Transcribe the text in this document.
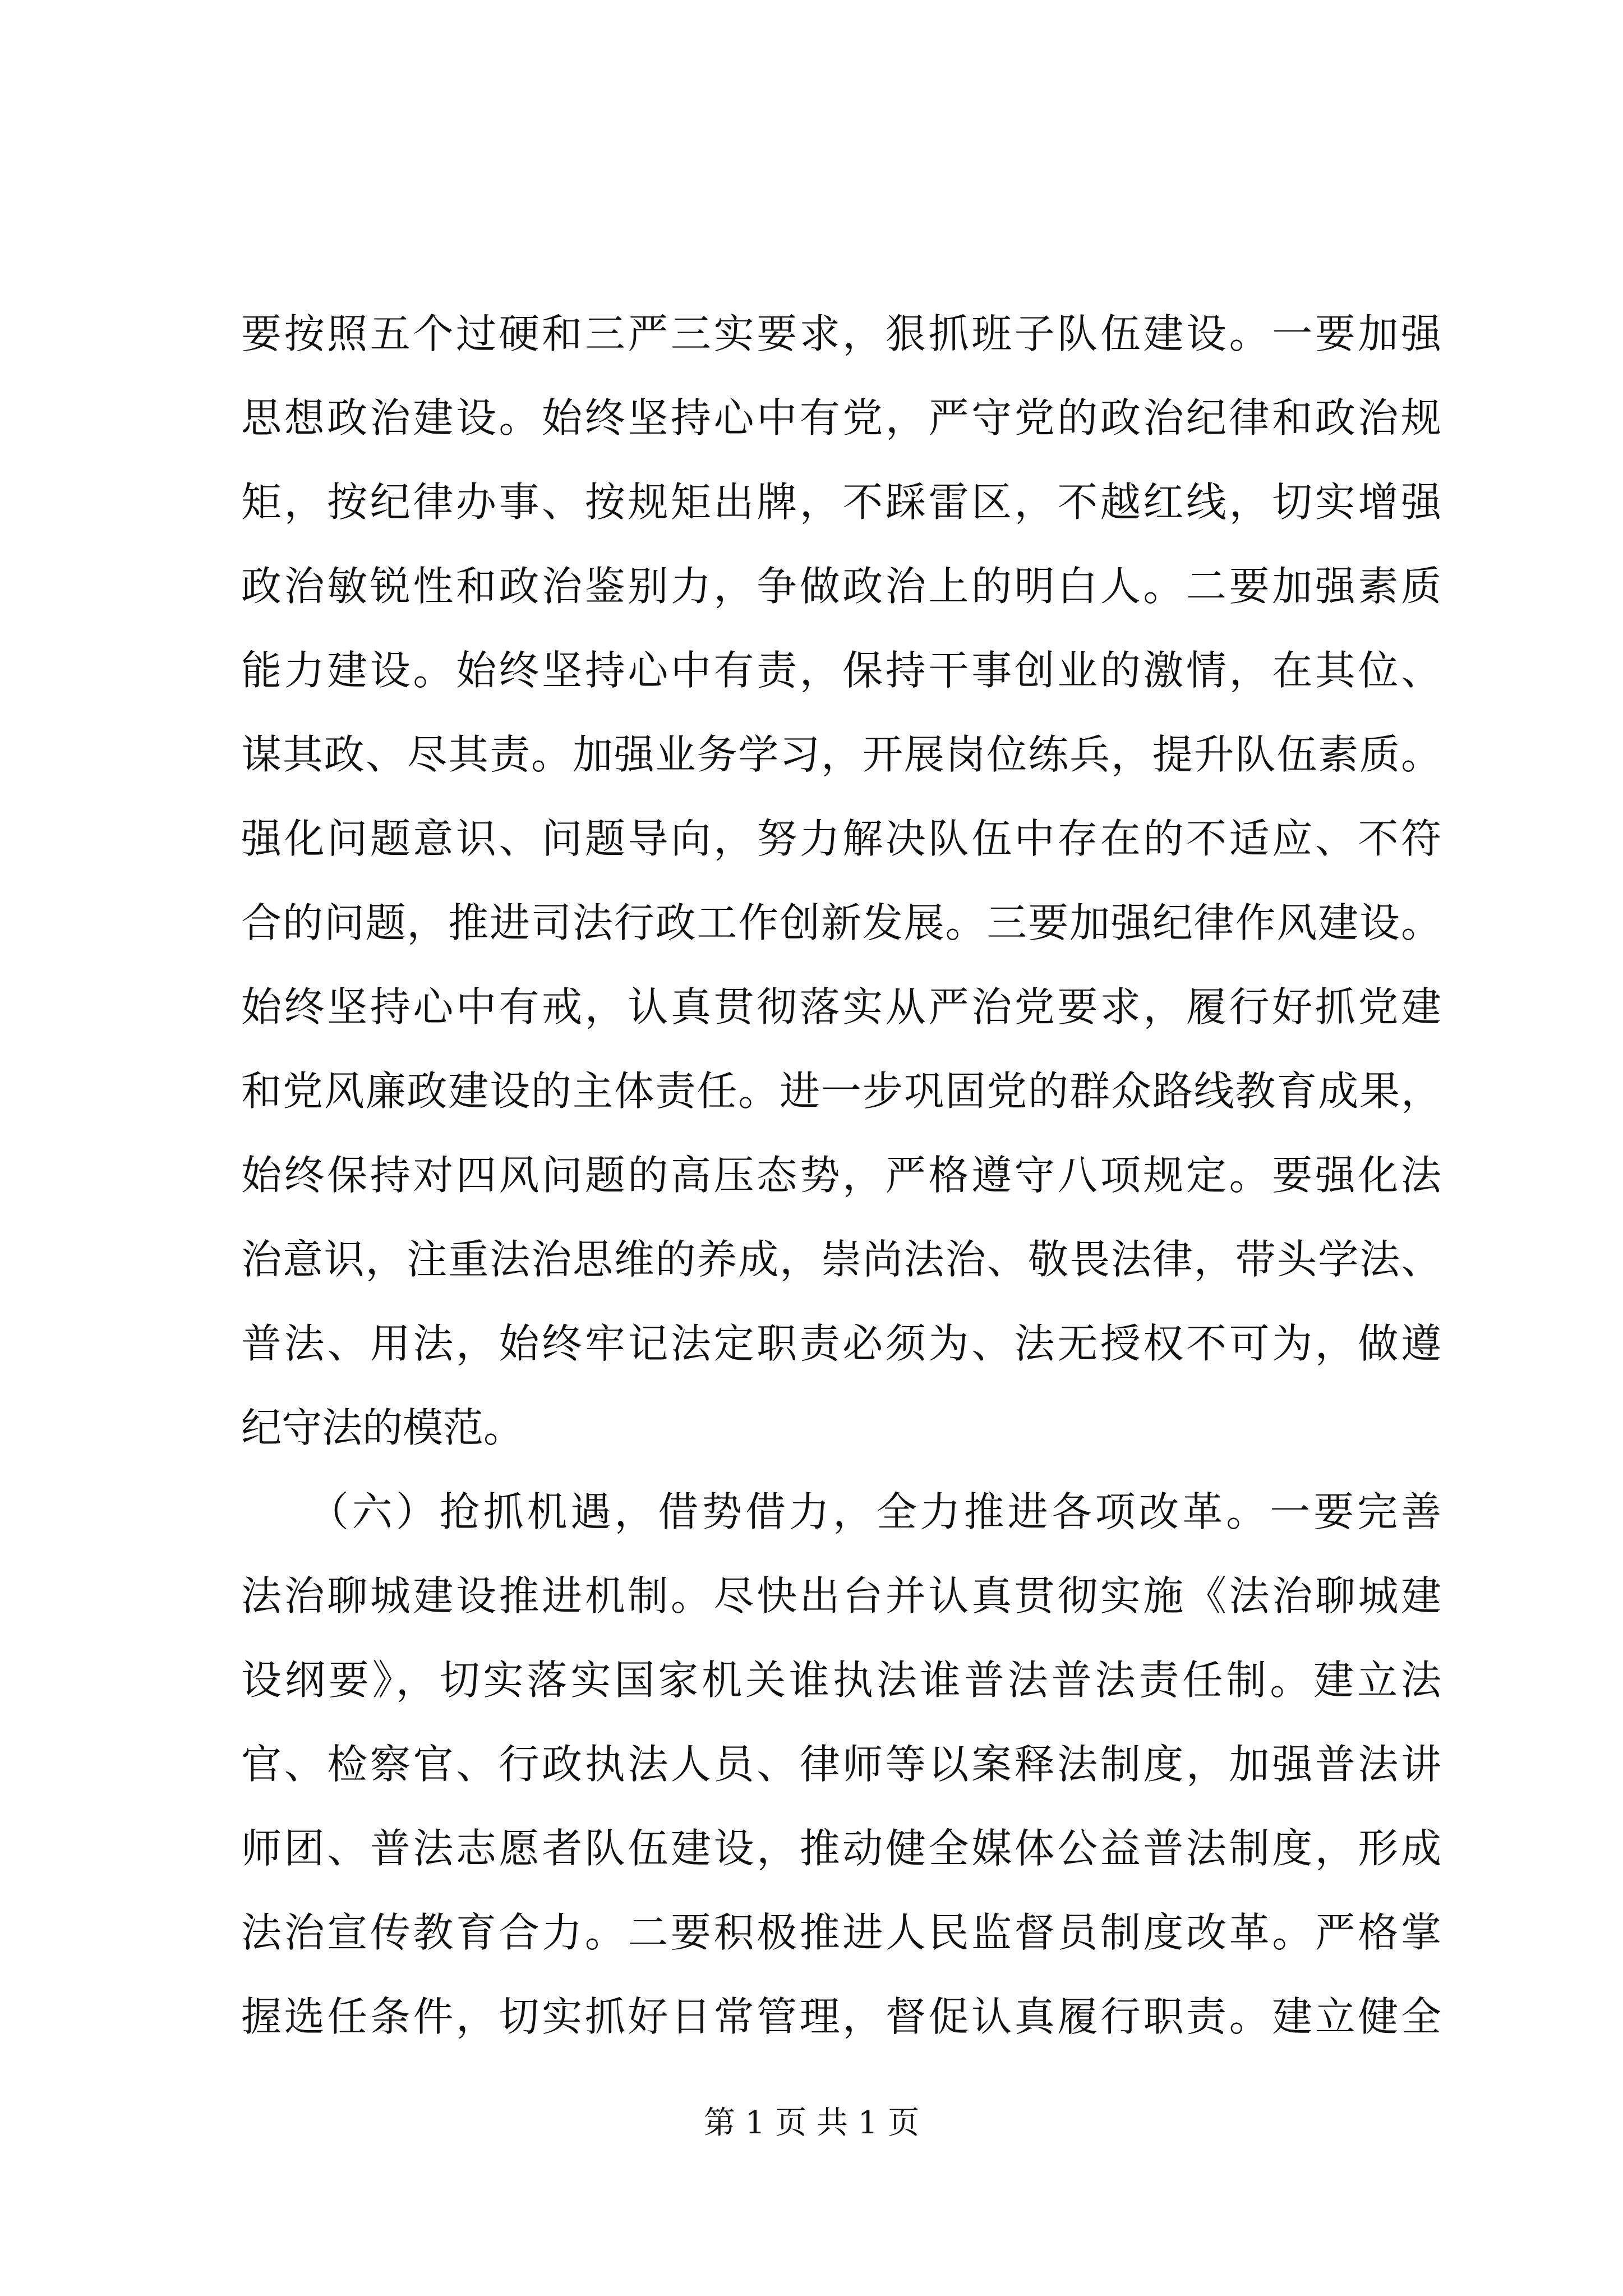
要按照五个过硬和三严三实要求，狠抓班子队伍建设。一要加强
思想政治建设。始终坚持心中有党，严守党的政治纪律和政治规
矩，按纪律办事、按规矩出牌，不踩雷区，不越红线，切实增强
政治敏锐性和政治鉴别力，争做政治上的明白人。二要加强素质
能力建设。始终坚持心中有责，保持干事创业的激情，在其位、
谋其政、尽其责。加强业务学习，开展岗位练兵，提升队伍素质。
强化问题意识、问题导向，努力解决队伍中存在的不适应、不符
合的问题，推进司法行政工作创新发展。三要加强纪律作风建设。
始终坚持心中有戒，认真贯彻落实从严治党要求，履行好抓党建
和党风廉政建设的主体责任。进一步巩固党的群众路线教育成果，
始终保持对四风问题的高压态势，严格遵守八项规定。要强化法
治意识，注重法治思维的养成，崇尚法治、敬畏法律，带头学法、
普法、用法，始终牢记法定职责必须为、法无授权不可为，做遵
纪守法的模范。
　　（六）抢抓机遇，借势借力，全力推进各项改革。一要完善
法治聊城建设推进机制。尽快出台并认真贯彻实施《法治聊城建
设纲要》，切实落实国家机关谁执法谁普法普法责任制。建立法
官、检察官、行政执法人员、律师等以案释法制度，加强普法讲
师团、普法志愿者队伍建设，推动健全媒体公益普法制度，形成
法治宣传教育合力。二要积极推进人民监督员制度改革。严格掌
握选任条件，切实抓好日常管理，督促认真履行职责。建立健全
第 1 页 共 1 页
